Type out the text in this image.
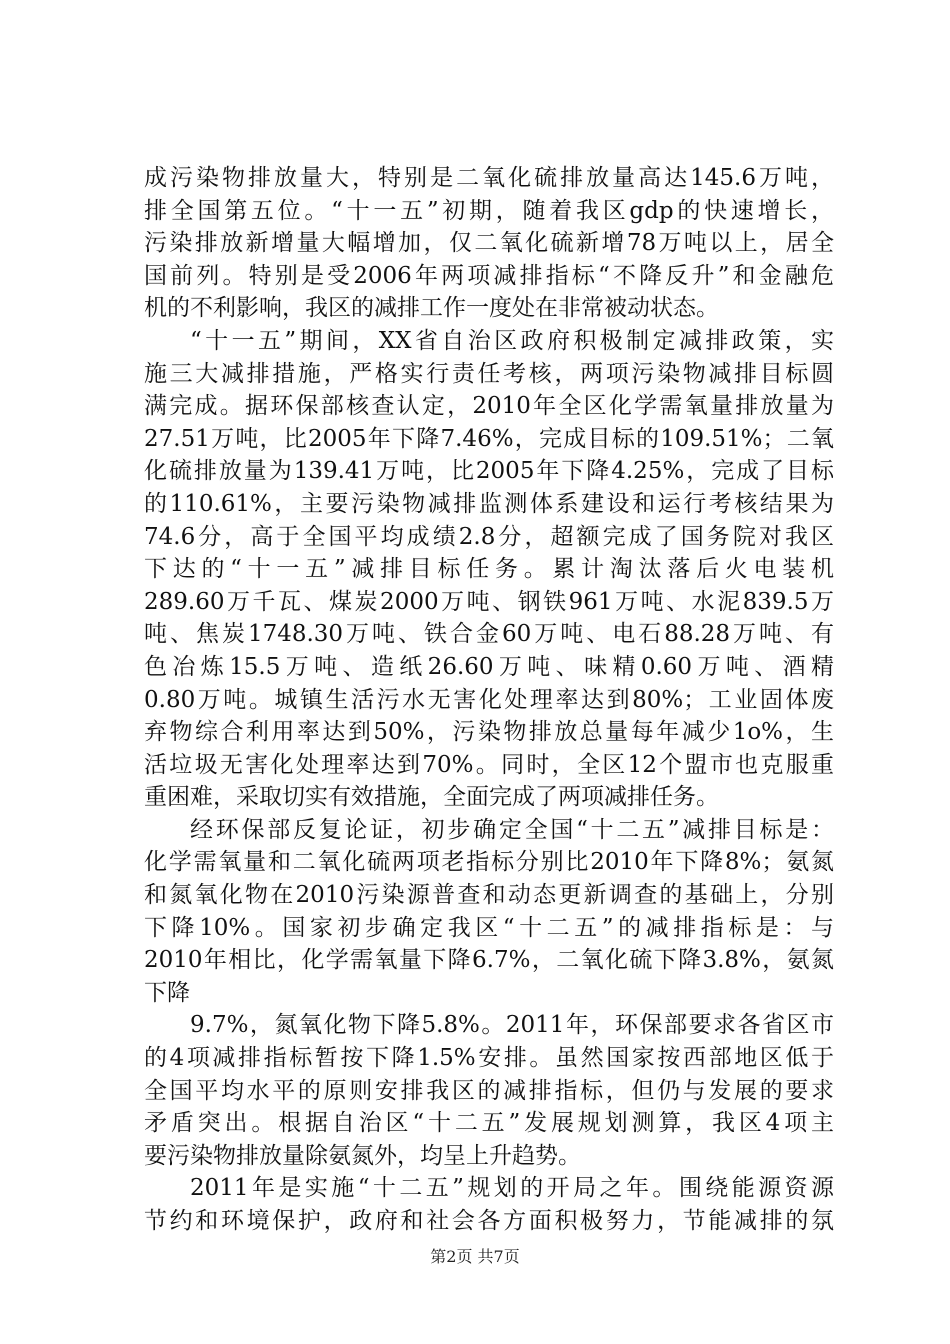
成污染物排放量大，特别是二氧化硫排放量高达145.6万吨，
排全国第五位。“十一五”初期，随着我区gdp的快速增长，
污染排放新增量大幅增加，仅二氧化硫新增78万吨以上，居全
国前列。特别是受2006年两项减排指标“不降反升”和金融危
机的不利影响，我区的减排工作一度处在非常被动状态。
“十一五”期间，XX省自治区政府积极制定减排政策，实
施三大减排措施，严格实行责任考核，两项污染物减排目标圆
满完成。据环保部核查认定，2010年全区化学需氧量排放量为
27.51万吨，比2005年下降7.46%，完成目标的109.51%；二氧
化硫排放量为139.41万吨，比2005年下降4.25%，完成了目标
的110.61%，主要污染物减排监测体系建设和运行考核结果为
74.6分，高于全国平均成绩2.8分，超额完成了国务院对我区
下达的“十一五”减排目标任务。累计淘汰落后火电装机
289.60万千瓦、煤炭2000万吨、钢铁961万吨、水泥839.5万
吨、焦炭1748.30万吨、铁合金60万吨、电石88.28万吨、有
色冶炼15.5万吨、造纸26.60万吨、味精0.60万吨、酒精
0.80万吨。城镇生活污水无害化处理率达到80%；工业固体废
弃物综合利用率达到50%，污染物排放总量每年减少1o%，生
活垃圾无害化处理率达到70%。同时，全区12个盟市也克服重
重困难，采取切实有效措施，全面完成了两项减排任务。
经环保部反复论证，初步确定全国“十二五”减排目标是：
化学需氧量和二氧化硫两项老指标分别比2010年下降8%；氨氮
和氮氧化物在2010污染源普查和动态更新调查的基础上，分别
下降10%。国家初步确定我区“十二五”的减排指标是：与
2010年相比，化学需氧量下降6.7%，二氧化硫下降3.8%，氨氮
下降
9.7%，氮氧化物下降5.8%。2011年，环保部要求各省区市
的4项减排指标暂按下降1.5%安排。虽然国家按西部地区低于
全国平均水平的原则安排我区的减排指标，但仍与发展的要求
矛盾突出。根据自治区“十二五”发展规划测算，我区4项主
要污染物排放量除氨氮外，均呈上升趋势。
2011年是实施“十二五”规划的开局之年。围绕能源资源
节约和环境保护，政府和社会各方面积极努力，节能减排的氛
第2页 共7页
